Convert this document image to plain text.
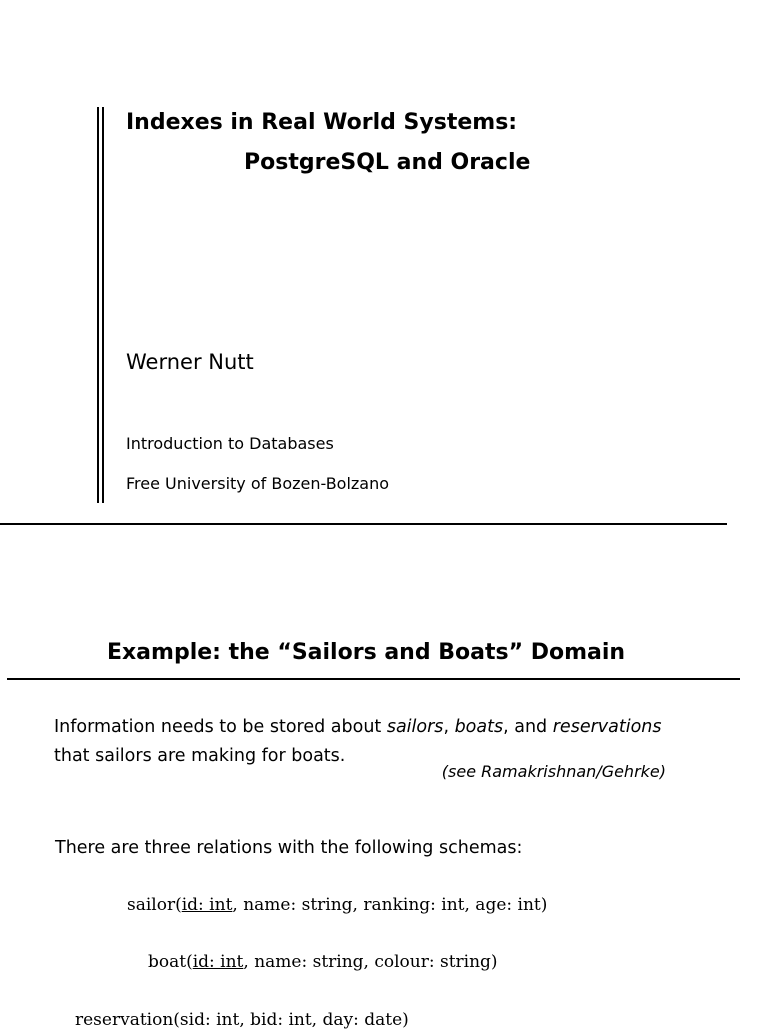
Indexes in Real World Systems:
PostgreSQL and Oracle
Werner Nutt
Introduction to Databases
Free University of Bozen-Bolzano
Example: the “Sailors and Boats” Domain
Information needs to be stored about sailors, boats, and reservations that sailors are making for boats.
(see Ramakrishnan/Gehrke)
There are three relations with the following schemas:
sailor(id: int, name: string, ranking: int, age: int)
boat(id: int, name: string, colour: string)
reservation(sid: int, bid: int, day: date)
